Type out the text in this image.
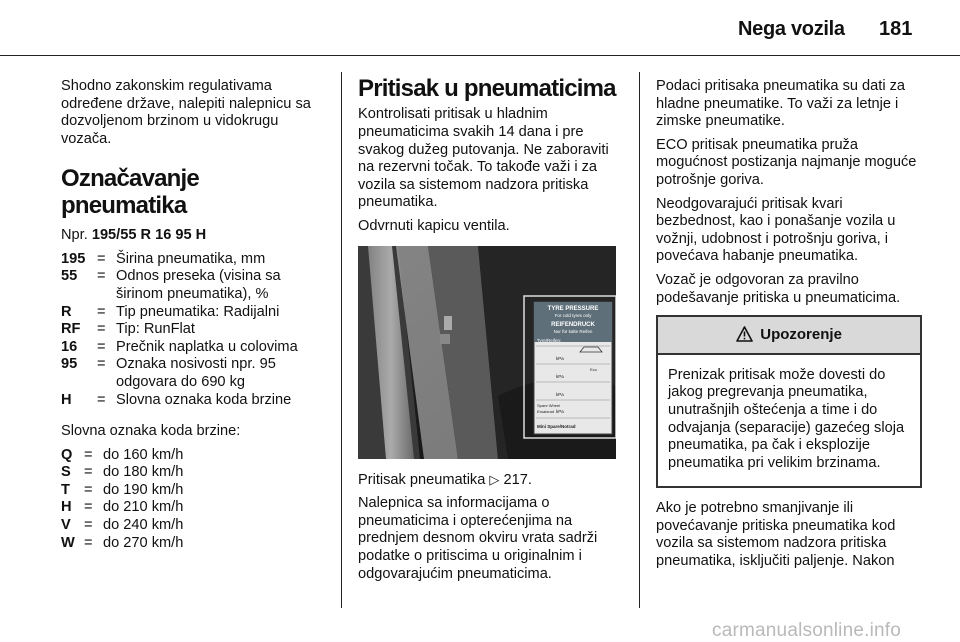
Nega vozila 181

Shodno zakonskim regulativama određene države, nalepiti nalepnicu sa dozvoljenom brzinom u vidokrugu vozača.

Označavanje pneumatika

Npr. 195/55 R 16 95 H

195	=	Širina pneumatika, mm
55	=	Odnos preseka (visina sa širinom pneumatika), %
R	=	Tip pneumatika: Radijalni
RF	=	Tip: RunFlat
16	=	Prečnik naplatka u colovima
95	=	Oznaka nosivosti npr. 95 odgovara do 690 kg
H	=	Slovna oznaka koda brzine

Slovna oznaka koda brzine:

Q	=	do 160 km/h
S	=	do 180 km/h
T	=	do 190 km/h
H	=	do 210 km/h
V	=	do 240 km/h
W	=	do 270 km/h
Pritisak u pneumaticima

Kontrolisati pritisak u hladnim pneumaticima svakih 14 dana i pre svakog dužeg putovanja. Ne zaboraviti na rezervni točak. To takođe važi i za vozila sa sistemom nadzora pritiska pneumatika.

Odvrnuti kapicu ventila.

TYRE PRESSURE
For cold tyres only
REIFENDRUCK
Nur für kalte Reifen
Tyre/Reifen:
kPa
kPa
Eco
kPa
Spare Wheel
Ersatzrad kPa
Mini Spare/Notrad

Pritisak pneumatika ▷ 217.

Nalepnica sa informacijama o pneumaticima i opterećenjima na prednjem desnom okviru vrata sadrži podatke o pritiscima u originalnim i odgovarajućim pneumaticima.

Podaci pritisaka pneumatika su dati za hladne pneumatike. To važi za letnje i zimske pneumatike.

ECO pritisak pneumatika pruža mogućnost postizanja najmanje moguće potrošnje goriva.

Neodgovarajući pritisak kvari bezbednost, kao i ponašanje vozila u vožnji, udobnost i potrošnju goriva, i povećava habanje pneumatika.

Vozač je odgovoran za pravilno podešavanje pritiska u pneumaticima.

Upozorenje
Prenizak pritisak može dovesti do jakog pregrevanja pneumatika, unutrašnjih oštećenja a time i do odvajanja (separacije) gazećeg sloja pneumatika, pa čak i eksplozije pneumatika pri velikim brzinama.

Ako je potrebno smanjivanje ili povećavanje pritiska pneumatika kod vozila sa sistemom nadzora pritiska pneumatika, isključiti paljenje. Nakon

carmanualsonline.info
